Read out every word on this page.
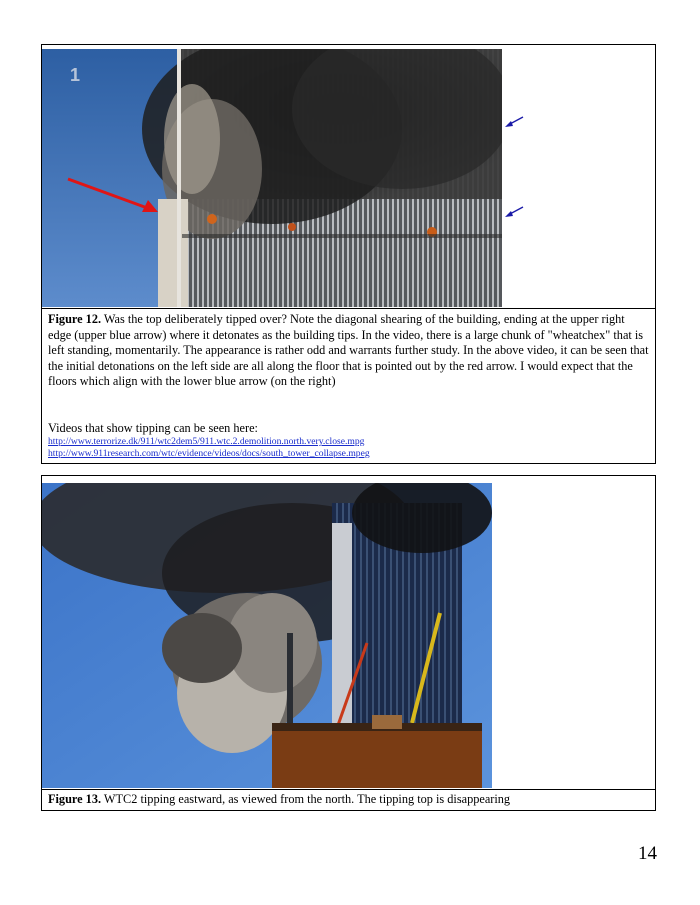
1
Figure 12. Was the top deliberately tipped over? Note the diagonal shearing of the building, ending at the upper right edge (upper blue arrow) where it detonates as the building tips. In the video, there is a large chunk of "wheatchex" that is left standing, momentarily. The appearance is rather odd and warrants further study. In the above video, it can be seen that the initial detonations on the left side are all along the floor that is pointed out by the red arrow. I would expect that the floors which align with the lower blue arrow (on the right)
Videos that show tipping can be seen here:
http://www.terrorize.dk/911/wtc2dem5/911.wtc.2.demolition.north.very.close.mpg
http://www.911research.com/wtc/evidence/videos/docs/south_tower_collapse.mpeg
Figure 13. WTC2 tipping eastward, as viewed from the north. The tipping top is disappearing
14
